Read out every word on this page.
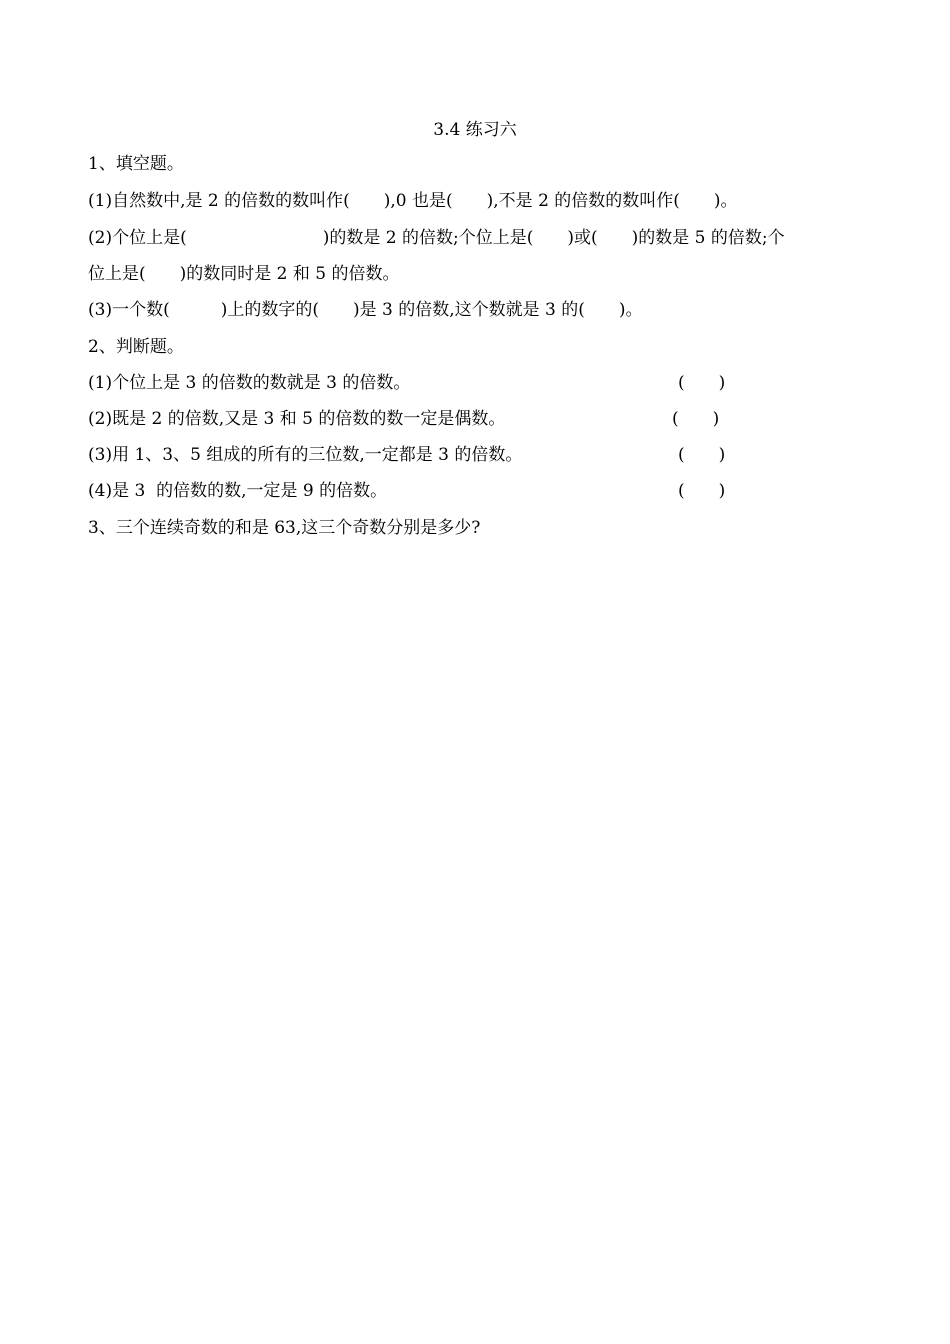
3.4 练习六
1、填空题。
(1)自然数中,是 2 的倍数的数叫作(　　),0 也是(　　),不是 2 的倍数的数叫作(　　)。
(2)个位上是(　　　　　　　　)的数是 2 的倍数;个位上是(　　)或(　　)的数是 5 的倍数;个
位上是(　　)的数同时是 2 和 5 的倍数。
(3)一个数(　　　)上的数字的(　　)是 3 的倍数,这个数就是 3 的(　　)。
2、判断题。
(1)个位上是 3 的倍数的数就是 3 的倍数。	(　　)
(2)既是 2 的倍数,又是 3 和 5 的倍数的数一定是偶数。	(　　)
(3)用 1、3、5 组成的所有的三位数,一定都是 3 的倍数。	(　　)
(4)是 3  的倍数的数,一定是 9 的倍数。	(　　)
3、三个连续奇数的和是 63,这三个奇数分别是多少?
